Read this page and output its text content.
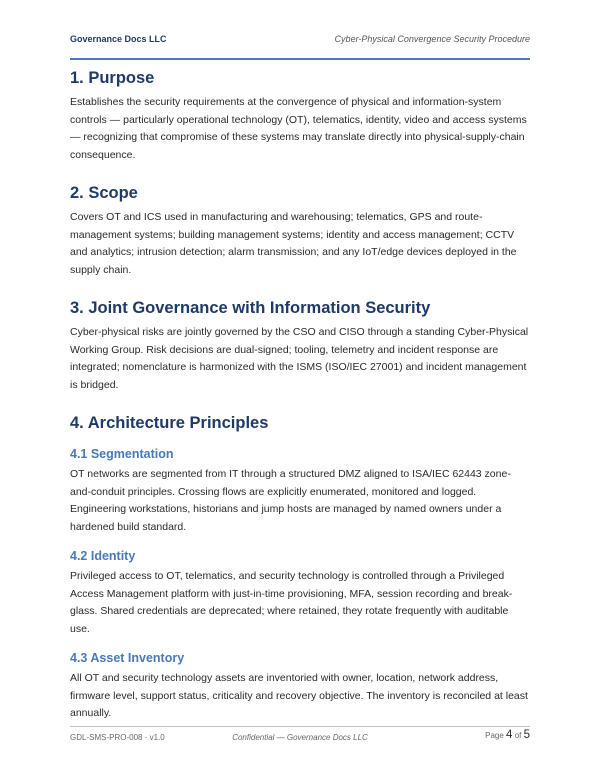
Governance Docs LLC	Cyber-Physical Convergence Security Procedure
1. Purpose

Establishes the security requirements at the convergence of physical and information-system controls — particularly operational technology (OT), telematics, identity, video and access systems — recognizing that compromise of these systems may translate directly into physical-supply-chain consequence.

2. Scope

Covers OT and ICS used in manufacturing and warehousing; telematics, GPS and route-management systems; building management systems; identity and access management; CCTV and analytics; intrusion detection; alarm transmission; and any IoT/edge devices deployed in the supply chain.

3. Joint Governance with Information Security

Cyber-physical risks are jointly governed by the CSO and CISO through a standing Cyber-Physical Working Group. Risk decisions are dual-signed; tooling, telemetry and incident response are integrated; nomenclature is harmonized with the ISMS (ISO/IEC 27001) and incident management is bridged.

4. Architecture Principles
4.1 Segmentation

OT networks are segmented from IT through a structured DMZ aligned to ISA/IEC 62443 zone-and-conduit principles. Crossing flows are explicitly enumerated, monitored and logged. Engineering workstations, historians and jump hosts are managed by named owners under a hardened build standard.

4.2 Identity

Privileged access to OT, telematics, and security technology is controlled through a Privileged Access Management platform with just-in-time provisioning, MFA, session recording and break-glass. Shared credentials are deprecated; where retained, they rotate frequently with auditable use.

4.3 Asset Inventory

All OT and security technology assets are inventoried with owner, location, network address, firmware level, support status, criticality and recovery objective. The inventory is reconciled at least annually.

GDL-SMS-PRO-008 · v1.0	Confidential — Governance Docs LLC	Page 4 of 5
